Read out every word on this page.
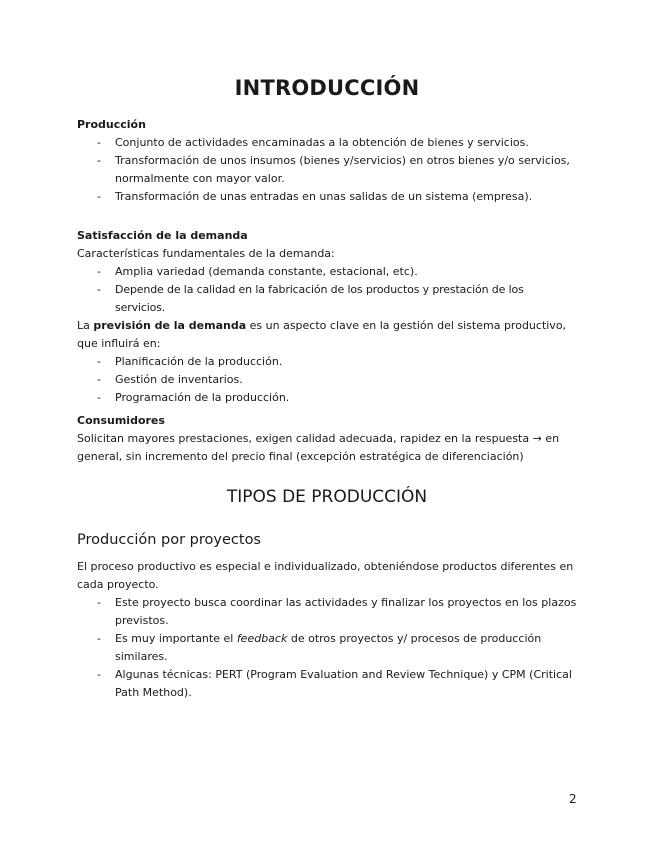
INTRODUCCIÓN

Producción

- Conjunto de actividades encaminadas a la obtención de bienes y servicios.
- Transformación de unos insumos (bienes y/servicios) en otros bienes y/o servicios, normalmente con mayor valor.
- Transformación de unas entradas en unas salidas de un sistema (empresa).

Satisfacción de la demanda

Características fundamentales de la demanda:

- Amplia variedad (demanda constante, estacional, etc).
- Depende de la calidad en la fabricación de los productos y prestación de los servicios.

La previsión de la demanda es un aspecto clave en la gestión del sistema productivo, que influirá en:

- Planificación de la producción.
- Gestión de inventarios.
- Programación de la producción.

Consumidores

Solicitan mayores prestaciones, exigen calidad adecuada, rapidez en la respuesta → en general, sin incremento del precio final (excepción estratégica de diferenciación)

TIPOS DE PRODUCCIÓN
Producción por proyectos

El proceso productivo es especial e individualizado, obteniéndose productos diferentes en cada proyecto.

- Este proyecto busca coordinar las actividades y finalizar los proyectos en los plazos previstos.
- Es muy importante el feedback de otros proyectos y/ procesos de producción similares.
- Algunas técnicas: PERT (Program Evaluation and Review Technique) y CPM (Critical Path Method).
2
